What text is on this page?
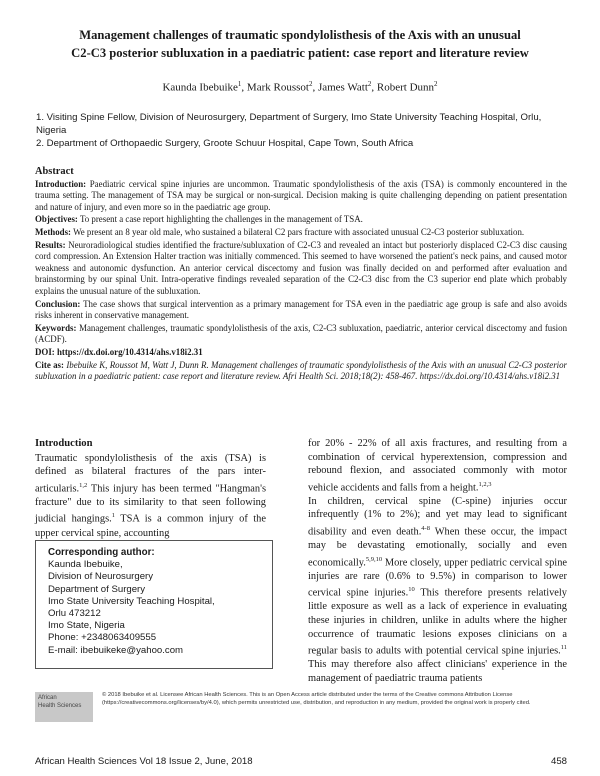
Management challenges of traumatic spondylolisthesis of the Axis with an unusual
C2-C3 posterior subluxation in a paediatric patient: case report and literature review
Kaunda Ibebuike$^1$, Mark Roussot$^2$, James Watt$^2$, Robert Dunn$^2$
1. Visiting Spine Fellow, Division of Neurosurgery, Department of Surgery, Imo State University Teaching Hospital, Orlu, Nigeria
2. Department of Orthopaedic Surgery, Groote Schuur Hospital, Cape Town, South Africa
Abstract

Introduction: Paediatric cervical spine injuries are uncommon. Traumatic spondylolisthesis of the axis (TSA) is commonly encountered in the trauma setting. The management of TSA may be surgical or non-surgical. Decision making is quite challenging depending on patient presentation and nature of injury, and even more so in the paediatric age group.

Objectives: To present a case report highlighting the challenges in the management of TSA.

Methods: We present an 8 year old male, who sustained a bilateral C2 pars fracture with associated unusual C2-C3 posterior subluxation.

Results: Neuroradiological studies identified the fracture/subluxation of C2-C3 and revealed an intact but posteriorly displaced C2-C3 disc causing cord compression. An Extension Halter traction was initially commenced. This seemed to have worsened the patient's neck pains, and caused motor weakness and autonomic dysfunction. An anterior cervical discectomy and fusion was finally decided on and performed after evaluation and brainstorming by our spinal Unit. Intra-operative findings revealed separation of the C2-C3 disc from the C3 superior end plate which probably explains the unusual nature of the subluxation.

Conclusion: The case shows that surgical intervention as a primary management for TSA even in the paediatric age group is safe and also avoids risks inherent in conservative management.

Keywords: Management challenges, traumatic spondylolisthesis of the axis, C2-C3 subluxation, paediatric, anterior cervical discectomy and fusion (ACDF).

DOI: https://dx.doi.org/10.4314/ahs.v18i2.31

Cite as: Ibebuike K, Roussot M, Watt J, Dunn R. Management challenges of traumatic spondylolisthesis of the Axis with an unusual C2-C3 posterior subluxation in a paediatric patient: case report and literature review. Afri Health Sci. 2018;18(2): 458-467. https://dx.doi.org/10.4314/ahs.v18i2.31

Introduction

Traumatic spondylolisthesis of the axis (TSA) is defined as bilateral fractures of the pars inter-articularis.$^{1,2}$ This injury has been termed "Hangman's fracture" due to its similarity to that seen following judicial hangings.$^1$ TSA is a common injury of the upper cervical spine, accounting

for 20% - 22% of all axis fractures, and resulting from a combination of cervical hyperextension, compression and rebound flexion, and associated commonly with motor vehicle accidents and falls from a height.$^{1,2,3}$

In children, cervical spine (C-spine) injuries occur infrequently (1% to 2%); and yet may lead to significant disability and even death.$^{4-8}$ When these occur, the impact may be devastating emotionally, socially and even economically.$^{5,9,10}$ More closely, upper pediatric cervical spine injuries are rare (0.6% to 9.5%) in comparison to lower cervical spine injuries.$^{10}$ This therefore presents relatively little exposure as well as a lack of experience in evaluating these injuries in children, unlike in adults where the higher occurrence of traumatic lesions exposes clinicians on a regular basis to adults with potential cervical spine injuries.$^{11}$ This may therefore also affect clinicians' experience in the management of paediatric trauma patients

Corresponding author:
Kaunda Ibebuike,
Division of Neurosurgery
Department of Surgery
Imo State University Teaching Hospital,
Orlu 473212
Imo State, Nigeria
Phone: +2348063409555
E-mail: ibebuikeke@yahoo.com
African
Health Sciences
© 2018 Ibebuike et al. Licensee African Health Sciences. This is an Open Access article distributed under the terms of the Creative commons Attribution License (https://creativecommons.org/licenses/by/4.0), which permits unrestricted use, distribution, and reproduction in any medium, provided the original work is properly cited.
African Health Sciences Vol 18 Issue 2, June, 2018	458
